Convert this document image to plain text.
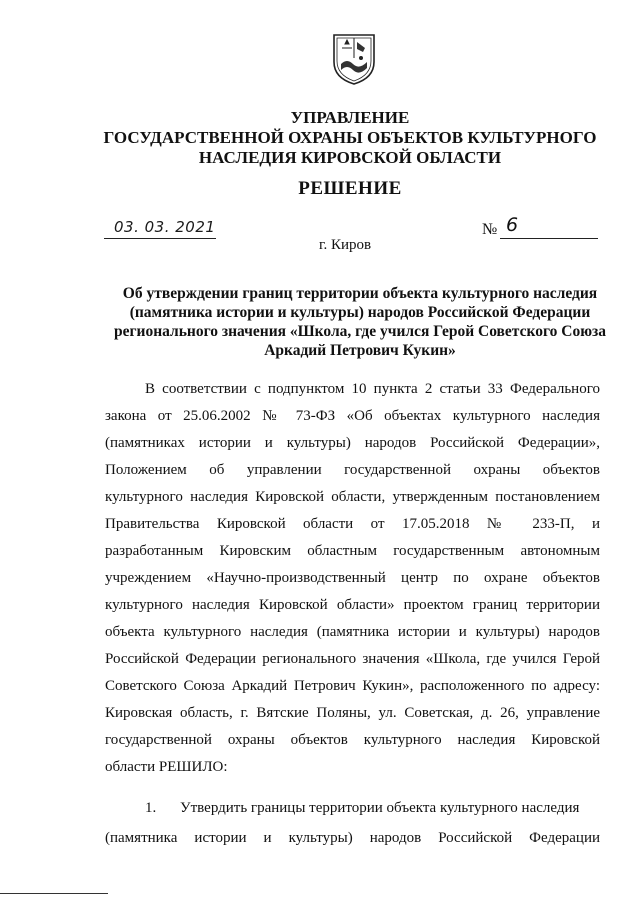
УПРАВЛЕНИЕ
ГОСУДАРСТВЕННОЙ ОХРАНЫ ОБЪЕКТОВ КУЛЬТУРНОГО
НАСЛЕДИЯ КИРОВСКОЙ ОБЛАСТИ
РЕШЕНИЕ
03. 03. 2021	№ 6
г. Киров
Об утверждении границ территории объекта культурного наследия
(памятника истории и культуры) народов Российской Федерации
регионального значения «Школа, где учился Герой Советского Союза
Аркадий Петрович Кукин»
В соответствии с подпунктом 10 пункта 2 статьи 33 Федерального
закона от 25.06.2002 № 73-ФЗ «Об объектах культурного наследия
(памятниках истории и культуры) народов Российской Федерации»,
Положением об управлении государственной охраны объектов
культурного наследия Кировской области, утвержденным постановлением
Правительства Кировской области от 17.05.2018 № 233-П, и
разработанным Кировским областным государственным автономным
учреждением «Научно-производственный центр по охране объектов
культурного наследия Кировской области» проектом границ территории
объекта культурного наследия (памятника истории и культуры) народов
Российской Федерации регионального значения «Школа, где учился Герой
Советского Союза Аркадий Петрович Кукин», расположенного по адресу:
Кировская область, г. Вятские Поляны, ул. Советская, д. 26, управление
государственной охраны объектов культурного наследия Кировской
области РЕШИЛО:
1. Утвердить границы территории объекта культурного наследия
(памятника истории и культуры) народов Российской Федерации
